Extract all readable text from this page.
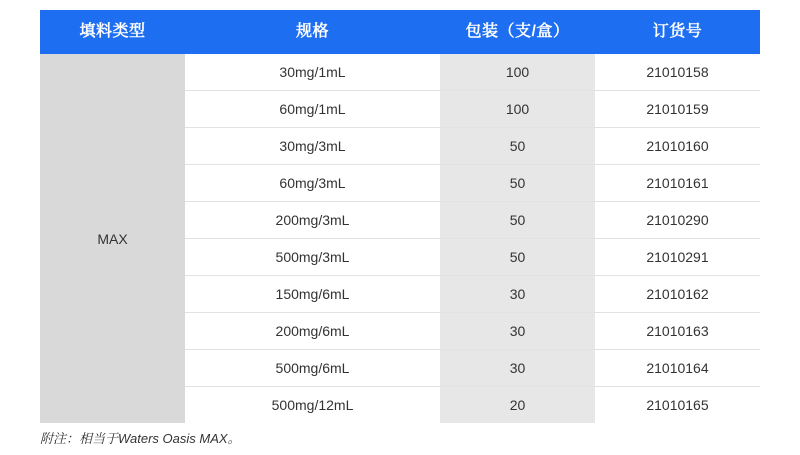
填料类型	规格	包装（支/盒）	订货号
MAX	30mg/1mL	100	21010158
	60mg/1mL	100	21010159
	30mg/3mL	50	21010160
	60mg/3mL	50	21010161
	200mg/3mL	50	21010290
	500mg/3mL	50	21010291
	150mg/6mL	30	21010162
	200mg/6mL	30	21010163
	500mg/6mL	30	21010164
	500mg/12mL	20	21010165
附注：相当于Waters Oasis MAX。
